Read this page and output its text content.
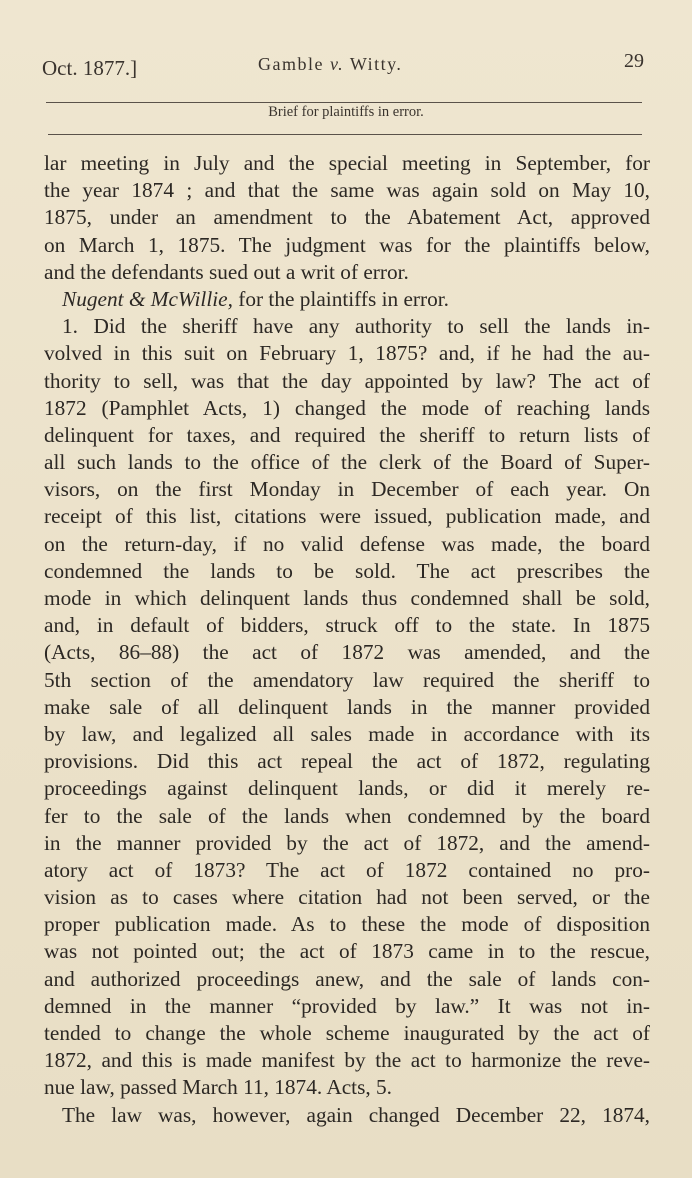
Oct. 1877.]	Gamble v. Witty.	29
Brief for plaintiffs in error.
lar meeting in July and the special meeting in September, for
the year 1874 ; and that the same was again sold on May 10,
1875, under an amendment to the Abatement Act, approved
on March 1, 1875. The judgment was for the plaintiffs below,
and the defendants sued out a writ of error.
Nugent & McWillie, for the plaintiffs in error.
1. Did the sheriff have any authority to sell the lands in-
volved in this suit on February 1, 1875? and, if he had the au-
thority to sell, was that the day appointed by law? The act of
1872 (Pamphlet Acts, 1) changed the mode of reaching lands
delinquent for taxes, and required the sheriff to return lists of
all such lands to the office of the clerk of the Board of Super-
visors, on the first Monday in December of each year. On
receipt of this list, citations were issued, publication made, and
on the return-day, if no valid defense was made, the board
condemned the lands to be sold. The act prescribes the
mode in which delinquent lands thus condemned shall be sold,
and, in default of bidders, struck off to the state. In 1875
(Acts, 86–88) the act of 1872 was amended, and the
5th section of the amendatory law required the sheriff to
make sale of all delinquent lands in the manner provided
by law, and legalized all sales made in accordance with its
provisions. Did this act repeal the act of 1872, regulating
proceedings against delinquent lands, or did it merely re-
fer to the sale of the lands when condemned by the board
in the manner provided by the act of 1872, and the amend-
atory act of 1873? The act of 1872 contained no pro-
vision as to cases where citation had not been served, or the
proper publication made. As to these the mode of disposition
was not pointed out; the act of 1873 came in to the rescue,
and authorized proceedings anew, and the sale of lands con-
demned in the manner “provided by law.” It was not in-
tended to change the whole scheme inaugurated by the act of
1872, and this is made manifest by the act to harmonize the reve-
nue law, passed March 11, 1874. Acts, 5.
The law was, however, again changed December 22, 1874,
